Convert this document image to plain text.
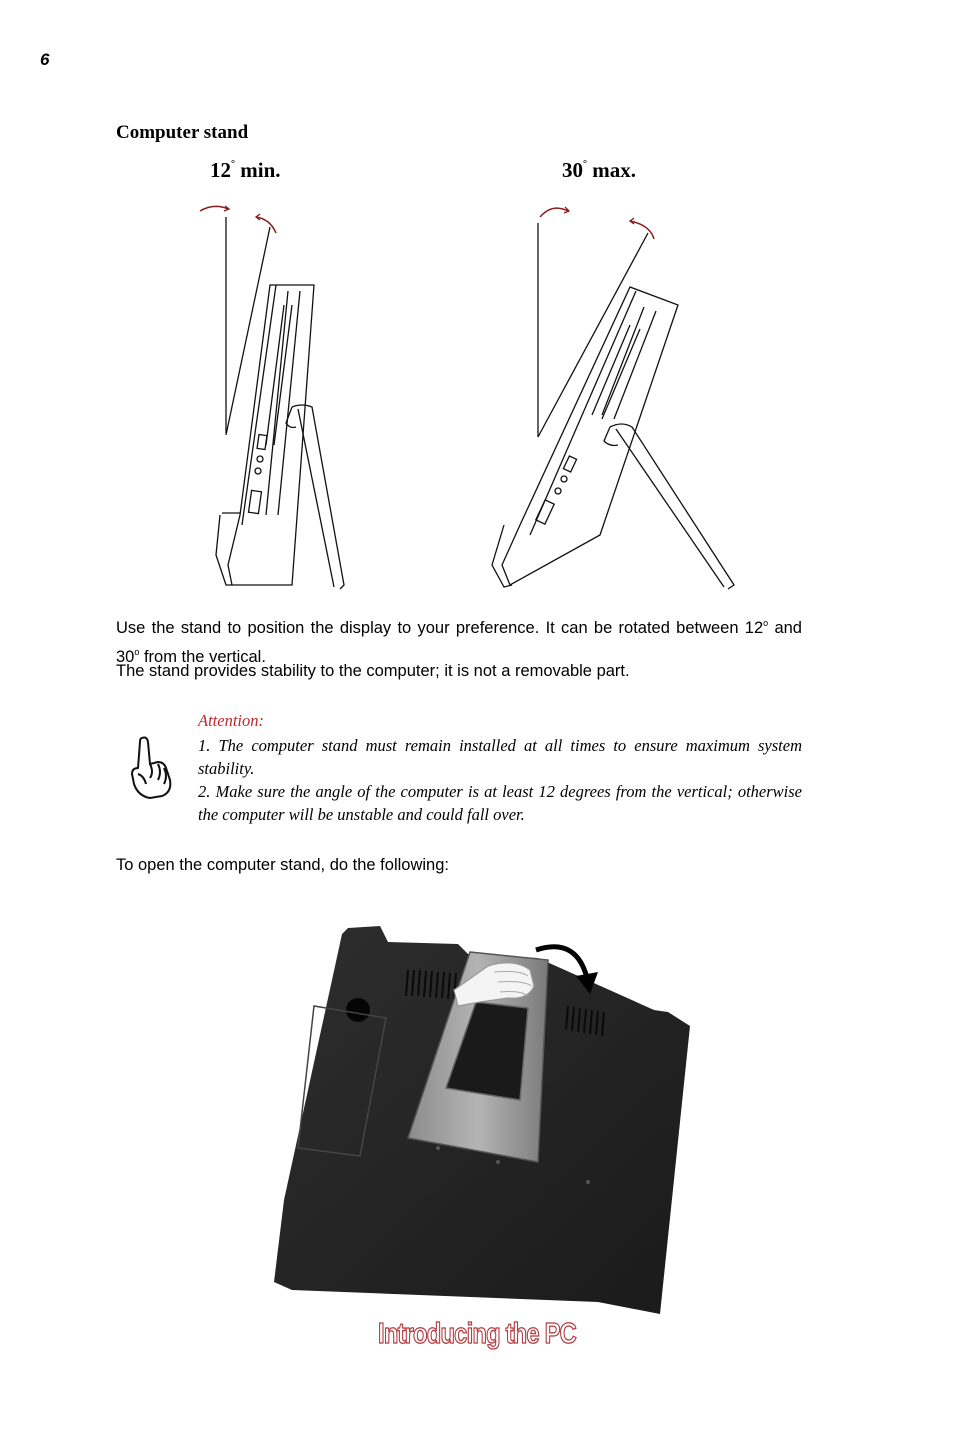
6
Computer stand
12° min.	30° max.
Use the stand to position the display to your preference. It can be rotated between 12$^o$ and 30$^o$ from the vertical.
The stand provides stability to the computer; it is not a removable part.
Attention:
1. The computer stand must remain installed at all times to ensure maximum system stability.
2. Make sure the angle of the computer is at least 12 degrees from the vertical; otherwise the computer will be unstable and could fall over.
To open the computer stand, do the following:
Introducing the PC
